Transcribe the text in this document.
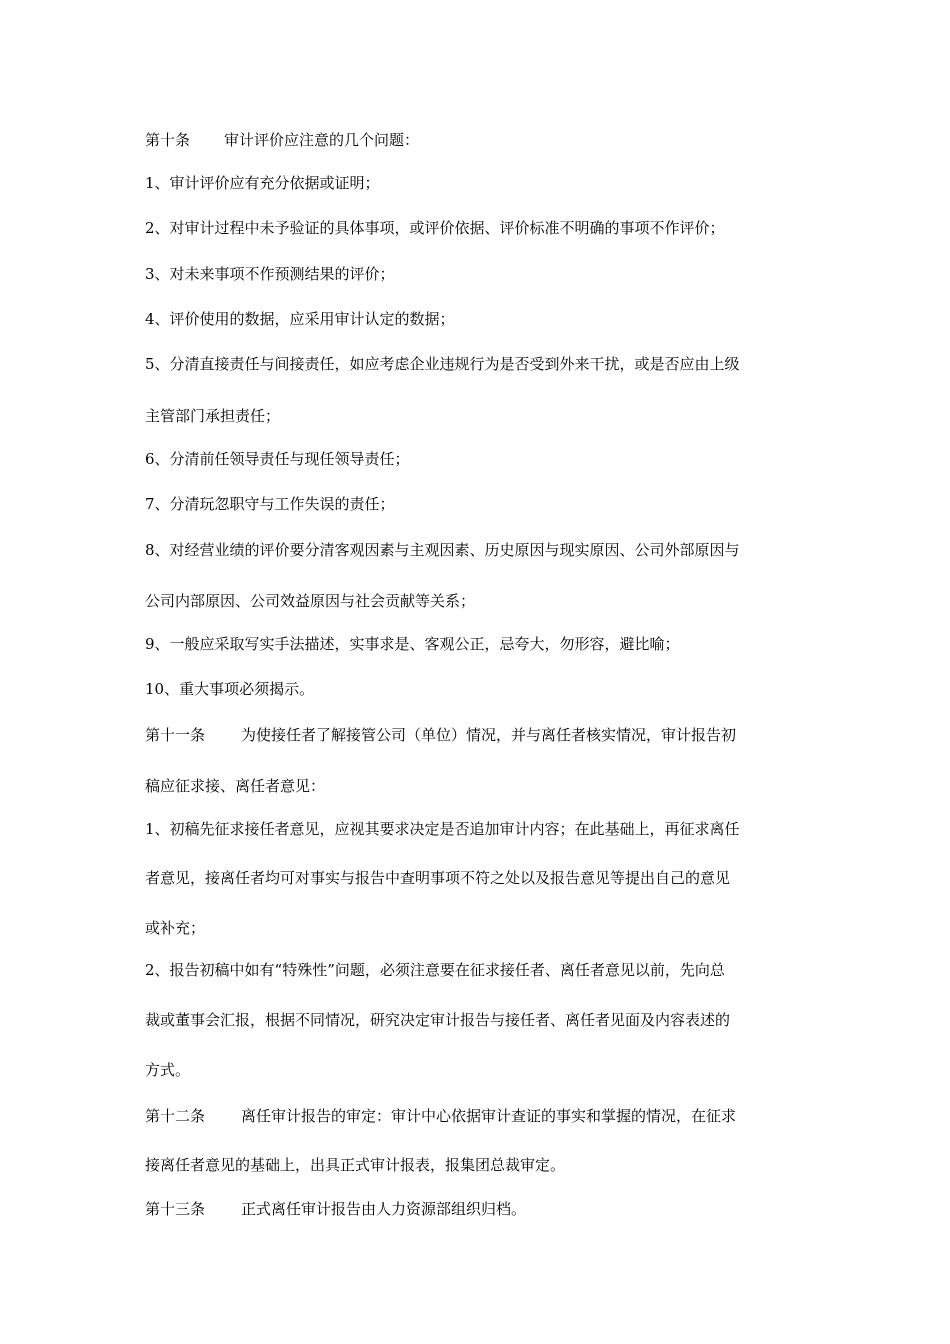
第十条 审计评价应注意的几个问题：

1、审计评价应有充分依据或证明；

2、对审计过程中未予验证的具体事项，或评价依据、评价标准不明确的事项不作评价；

3、对未来事项不作预测结果的评价；

4、评价使用的数据，应采用审计认定的数据；

5、分清直接责任与间接责任，如应考虑企业违规行为是否受到外来干扰，或是否应由上级

主管部门承担责任；

6、分清前任领导责任与现任领导责任；

7、分清玩忽职守与工作失误的责任；

8、对经营业绩的评价要分清客观因素与主观因素、历史原因与现实原因、公司外部原因与

公司内部原因、公司效益原因与社会贡献等关系；

9、一般应采取写实手法描述，实事求是、客观公正，忌夸大，勿形容，避比喻；

10、重大事项必须揭示。

第十一条 为使接任者了解接管公司（单位）情况，并与离任者核实情况，审计报告初

稿应征求接、离任者意见：

1、初稿先征求接任者意见，应视其要求决定是否追加审计内容；在此基础上，再征求离任

者意见，接离任者均可对事实与报告中查明事项不符之处以及报告意见等提出自己的意见

或补充；

2、报告初稿中如有“特殊性”问题，必须注意要在征求接任者、离任者意见以前，先向总

裁或董事会汇报，根据不同情况，研究决定审计报告与接任者、离任者见面及内容表述的

方式。

第十二条 离任审计报告的审定：审计中心依据审计查证的事实和掌握的情况，在征求

接离任者意见的基础上，出具正式审计报表，报集团总裁审定。

第十三条 正式离任审计报告由人力资源部组织归档。
